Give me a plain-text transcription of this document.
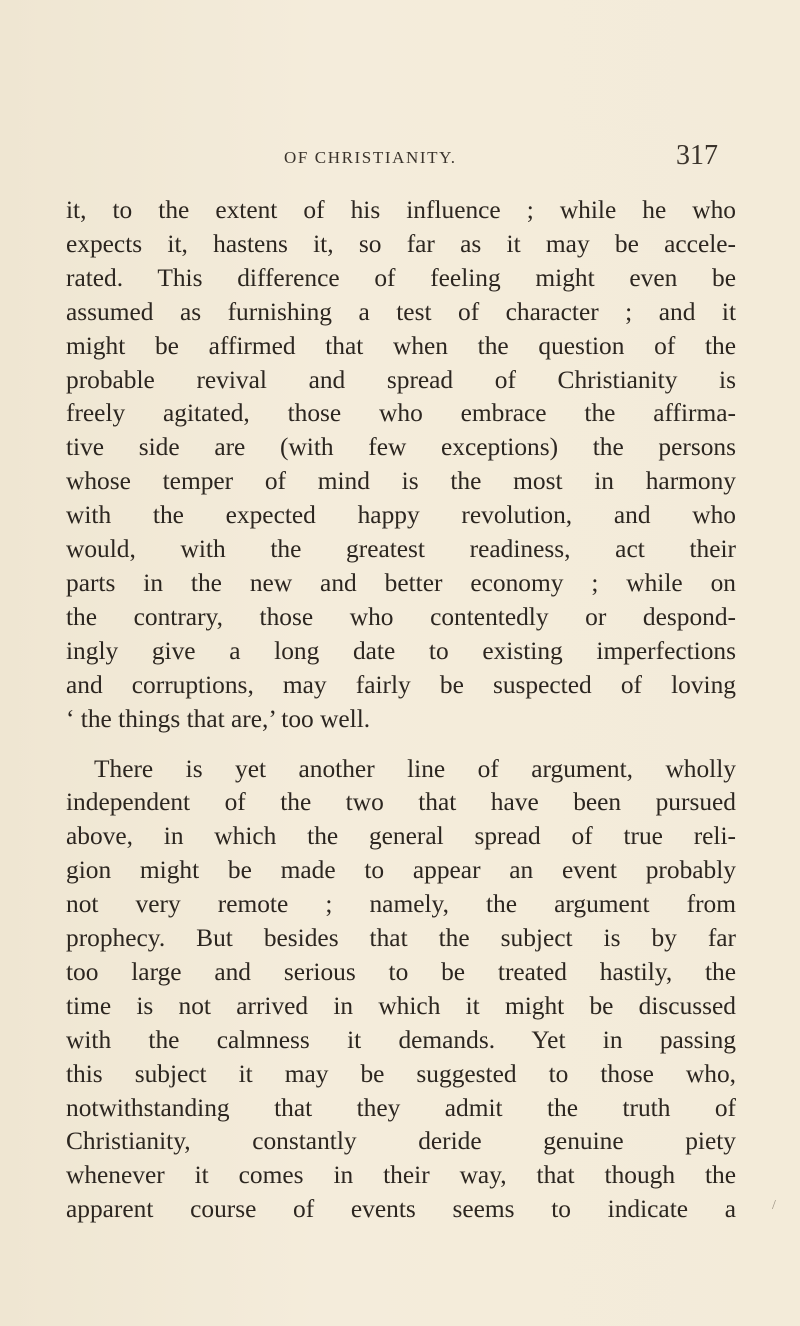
OF CHRISTIANITY.	317
it, to the extent of his influence ; while he who
expects it, hastens it, so far as it may be accele-
rated. This difference of feeling might even be
assumed as furnishing a test of character ; and it
might be affirmed that when the question of the
probable revival and spread of Christianity is
freely agitated, those who embrace the affirma-
tive side are (with few exceptions) the persons
whose temper of mind is the most in harmony
with the expected happy revolution, and who
would, with the greatest readiness, act their
parts in the new and better economy ; while on
the contrary, those who contentedly or despond-
ingly give a long date to existing imperfections
and corruptions, may fairly be suspected of loving
‘ the things that are,’ too well.
There is yet another line of argument, wholly
independent of the two that have been pursued
above, in which the general spread of true reli-
gion might be made to appear an event probably
not very remote ; namely, the argument from
prophecy. But besides that the subject is by far
too large and serious to be treated hastily, the
time is not arrived in which it might be discussed
with the calmness it demands. Yet in passing
this subject it may be suggested to those who,
notwithstanding that they admit the truth of
Christianity, constantly deride genuine piety
whenever it comes in their way, that though the
apparent course of events seems to indicate a	/
